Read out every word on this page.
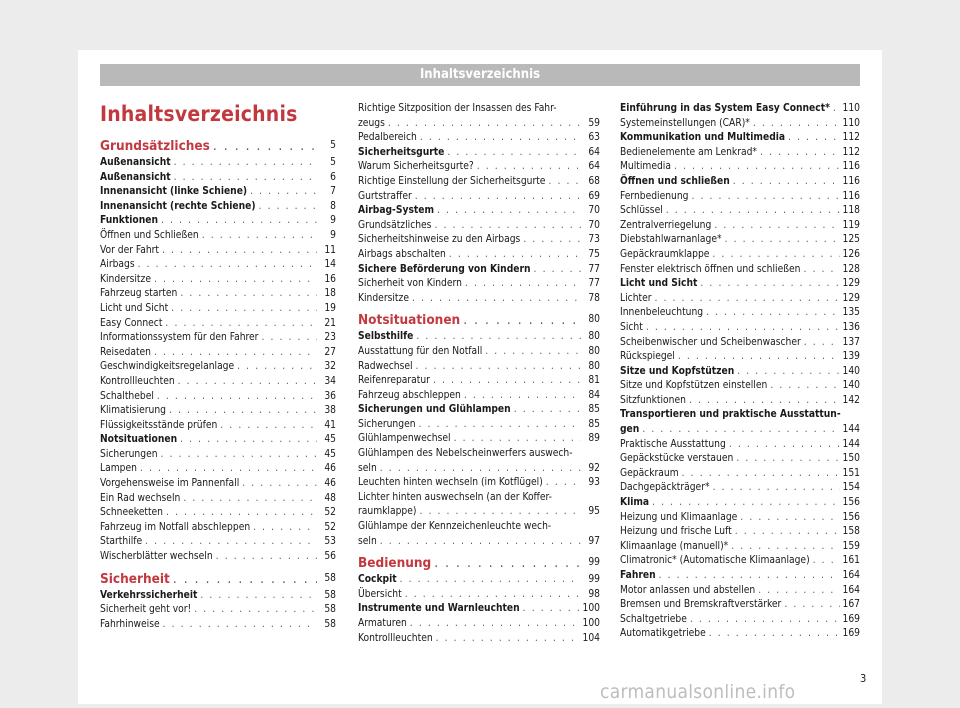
Inhaltsverzeichnis
Inhaltsverzeichnis
Grundsätzliches . . .	5
Außenansicht . . .	5
Außenansicht . . .	6
Innenansicht (linke Schiene) . . .	7
Innenansicht (rechte Schiene) . . .	8
Funktionen . . .	9
Öffnen und Schließen . . .	9
Vor der Fahrt . . .	11
Airbags . . .	14
Kindersitze . . .	16
Fahrzeug starten . . .	18
Licht und Sicht . . .	19
Easy Connect . . .	21
Informationssystem für den Fahrer . . .	23
Reisedaten . . .	27
Geschwindigkeitsregelanlage . . .	32
Kontrollleuchten . . .	34
Schalthebel . . .	36
Klimatisierung . . .	38
Flüssigkeitsstände prüfen . . .	41
Notsituationen . . .	45
Sicherungen . . .	45
Lampen . . .	46
Vorgehensweise im Pannenfall . . .	46
Ein Rad wechseln . . .	48
Schneeketten . . .	52
Fahrzeug im Notfall abschleppen . . .	52
Starthilfe . . .	53
Wischerblätter wechseln . . .	56
Sicherheit . . .	58
Verkehrssicherheit . . .	58
Sicherheit geht vor! . . .	58
Fahrhinweise . . .	58
Richtige Sitzposition der Insassen des Fahr-
zeugs . . .	59
Pedalbereich . . .	63
Sicherheitsgurte . . .	64
Warum Sicherheitsgurte? . . .	64
Richtige Einstellung der Sicherheitsgurte . . .	68
Gurtstraffer . . .	69
Airbag-System . . .	70
Grundsätzliches . . .	70
Sicherheitshinweise zu den Airbags . . .	73
Airbags abschalten . . .	75
Sichere Beförderung von Kindern . . .	77
Sicherheit von Kindern . . .	77
Kindersitze . . .	78
Notsituationen . . .	80
Selbsthilfe . . .	80
Ausstattung für den Notfall . . .	80
Radwechsel . . .	80
Reifenreparatur . . .	81
Fahrzeug abschleppen . . .	84
Sicherungen und Glühlampen . . .	85
Sicherungen . . .	85
Glühlampenwechsel . . .	89
Glühlampen des Nebelscheinwerfers auswech-
seln . . .	92
Leuchten hinten wechseln (im Kotflügel) . . .	93
Lichter hinten auswechseln (an der Koffer-
raumklappe) . . .	95
Glühlampe der Kennzeichenleuchte wech-
seln . . .	97
Bedienung . . .	99
Cockpit . . .	99
Übersicht . . .	98
Instrumente und Warnleuchten . . .	100
Armaturen . . .	100
Kontrollleuchten . . .	104
Einführung in das System Easy Connect* . . . 110
Systemeinstellungen (CAR)* . . .	110
Kommunikation und Multimedia . . .	112
Bedienelemente am Lenkrad* . . .	112
Multimedia . . .	116
Öffnen und schließen . . .	116
Fernbedienung . . .	116
Schlüssel . . .	118
Zentralverriegelung . . .	119
Diebstahlwarnanlage* . . .	125
Gepäckraumklappe . . .	126
Fenster elektrisch öffnen und schließen . . .	128
Licht und Sicht . . .	129
Lichter . . .	129
Innenbeleuchtung . . .	135
Sicht . . .	136
Scheibenwischer und Scheibenwascher . . .	137
Rückspiegel . . .	139
Sitze und Kopfstützen . . .	140
Sitze und Kopfstützen einstellen . . .	140
Sitzfunktionen . . .	142
Transportieren und praktische Ausstattun-
gen . . .	144
Praktische Ausstattung . . .	144
Gepäckstücke verstauen . . .	150
Gepäckraum . . .	151
Dachgepäckträger* . . .	154
Klima . . .	156
Heizung und Klimaanlage . . .	156
Heizung und frische Luft . . .	158
Klimaanlage (manuell)* . . .	159
Climatronic* (Automatische Klimaanlage) . . .	161
Fahren . . .	164
Motor anlassen und abstellen . . .	164
Bremsen und Bremskraftverstärker . . .	167
Schaltgetriebe . . .	169
Automatikgetriebe . . .	169
3
carmanualsonline.info
